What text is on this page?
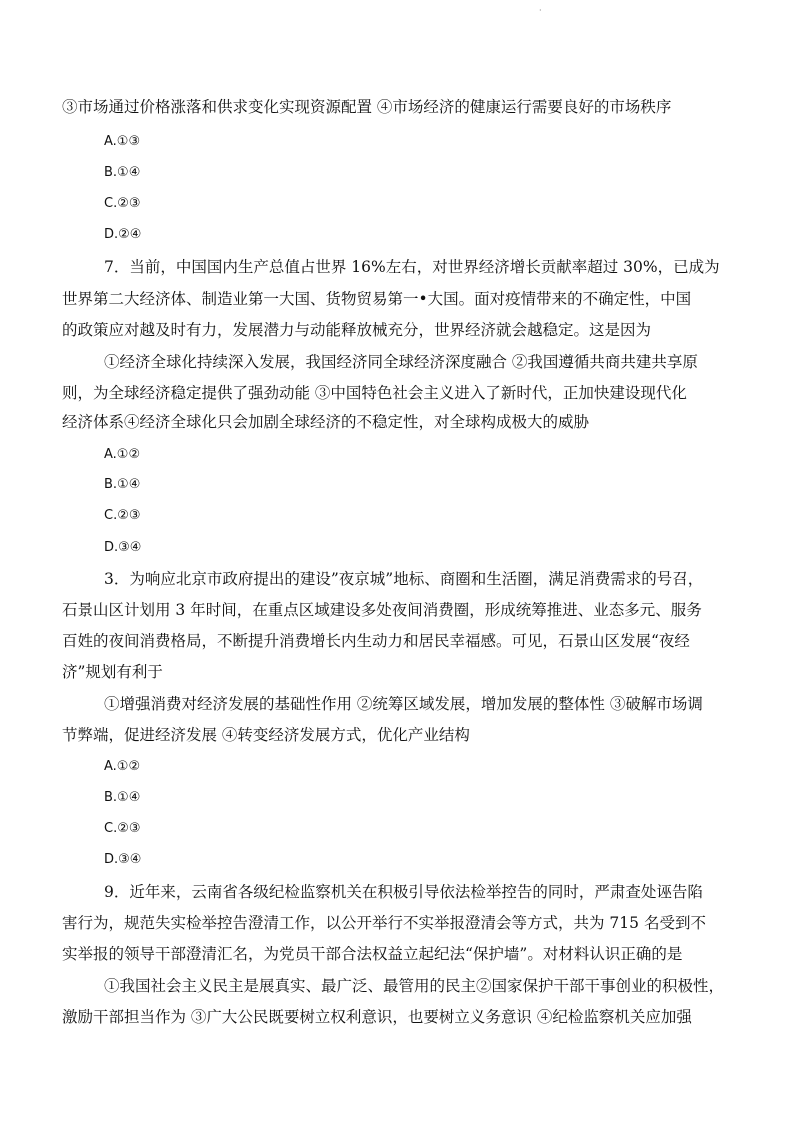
·
③市场通过价格涨落和供求变化实现资源配置 ④市场经济的健康运行需要良好的市场秩序
A.①③
B.①④
C.②③
D.②④
7．当前，中国国内生产总值占世界 16%左右，对世界经济增长贡献率超过 30%，已成为
世界第二大经济体、制造业第一大国、货物贸易第一•大国。面对疫情带来的不确定性，中国
的政策应对越及时有力，发展潜力与动能释放械充分，世界经济就会越稳定。这是因为
①经济全球化持续深入发展，我国经济同全球经济深度融合 ②我国遵循共商共建共享原
则，为全球经济稳定提供了强劲动能 ③中国特色社会主义进入了新时代，正加快建设现代化
经济体系④经济全球化只会加剧全球经济的不稳定性，对全球构成极大的威胁
A.①②
B.①④
C.②③
D.③④
3．为响应北京市政府提出的建设”夜京城”地标、商圈和生活圈，满足消费需求的号召，
石景山区计划用 3 年时间，在重点区域建设多处夜间消费圈，形成统筹推进、业态多元、服务
百姓的夜间消费格局，不断提升消费增长内生动力和居民幸福感。可见，石景山区发展“夜经
济”规划有利于
①增强消费对经济发展的基础性作用 ②统筹区域发展，增加发展的整体性 ③破解市场调
节弊端，促进经济发展 ④转变经济发展方式，优化产业结构
A.①②
B.①④
C.②③
D.③④
9．近年来，云南省各级纪检监察机关在积极引导依法检举控告的同时，严肃查处诬告陷
害行为，规范失实检举控告澄清工作，以公开举行不实举报澄清会等方式，共为 715 名受到不
实举报的领导干部澄清汇名，为党员干部合法权益立起纪法“保护墙”。对材料认识正确的是
①我国社会主义民主是展真实、最广泛、最管用的民主②国家保护干部干事创业的积极性，
激励干部担当作为 ③广大公民既要树立权利意识，也要树立义务意识 ④纪检监察机关应加强
